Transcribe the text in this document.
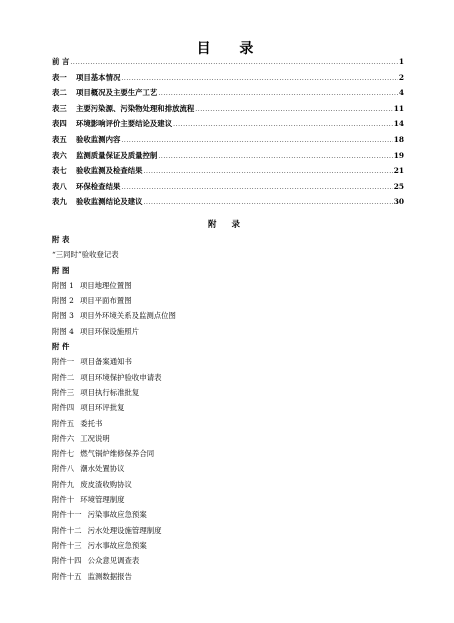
目 录
前 言 .....	1
表一	项目基本情况 .....	2
表二	项目概况及主要生产工艺 .....	4
表三	主要污染源、污染物处理和排放流程 .....	11
表四	环境影响评价主要结论及建议 .....	14
表五	验收监测内容 .....	18
表六	监测质量保证及质量控制 .....	19
表七	验收监测及检查结果 .....	21
表八	环保检查结果 .....	25
表九	验收监测结论及建议 .....	30
附 录
附 表
“三同时”验收登记表
附 图
附图 1 项目地理位置图
附图 2 项目平面布置图
附图 3 项目外环境关系及监测点位图
附图 4 项目环保设施照片
附 件
附件一 项目备案通知书
附件二 项目环境保护验收申请表
附件三 项目执行标准批复
附件四 项目环评批复
附件五 委托书
附件六 工况说明
附件七 燃气锅炉维修保养合同
附件八 潮水处置协议
附件九 废皮渣收购协议
附件十 环境管理制度
附件十一 污染事故应急预案
附件十二 污水处理设施管理制度
附件十三 污水事故应急预案
附件十四 公众意见调查表
附件十五 监测数据报告
